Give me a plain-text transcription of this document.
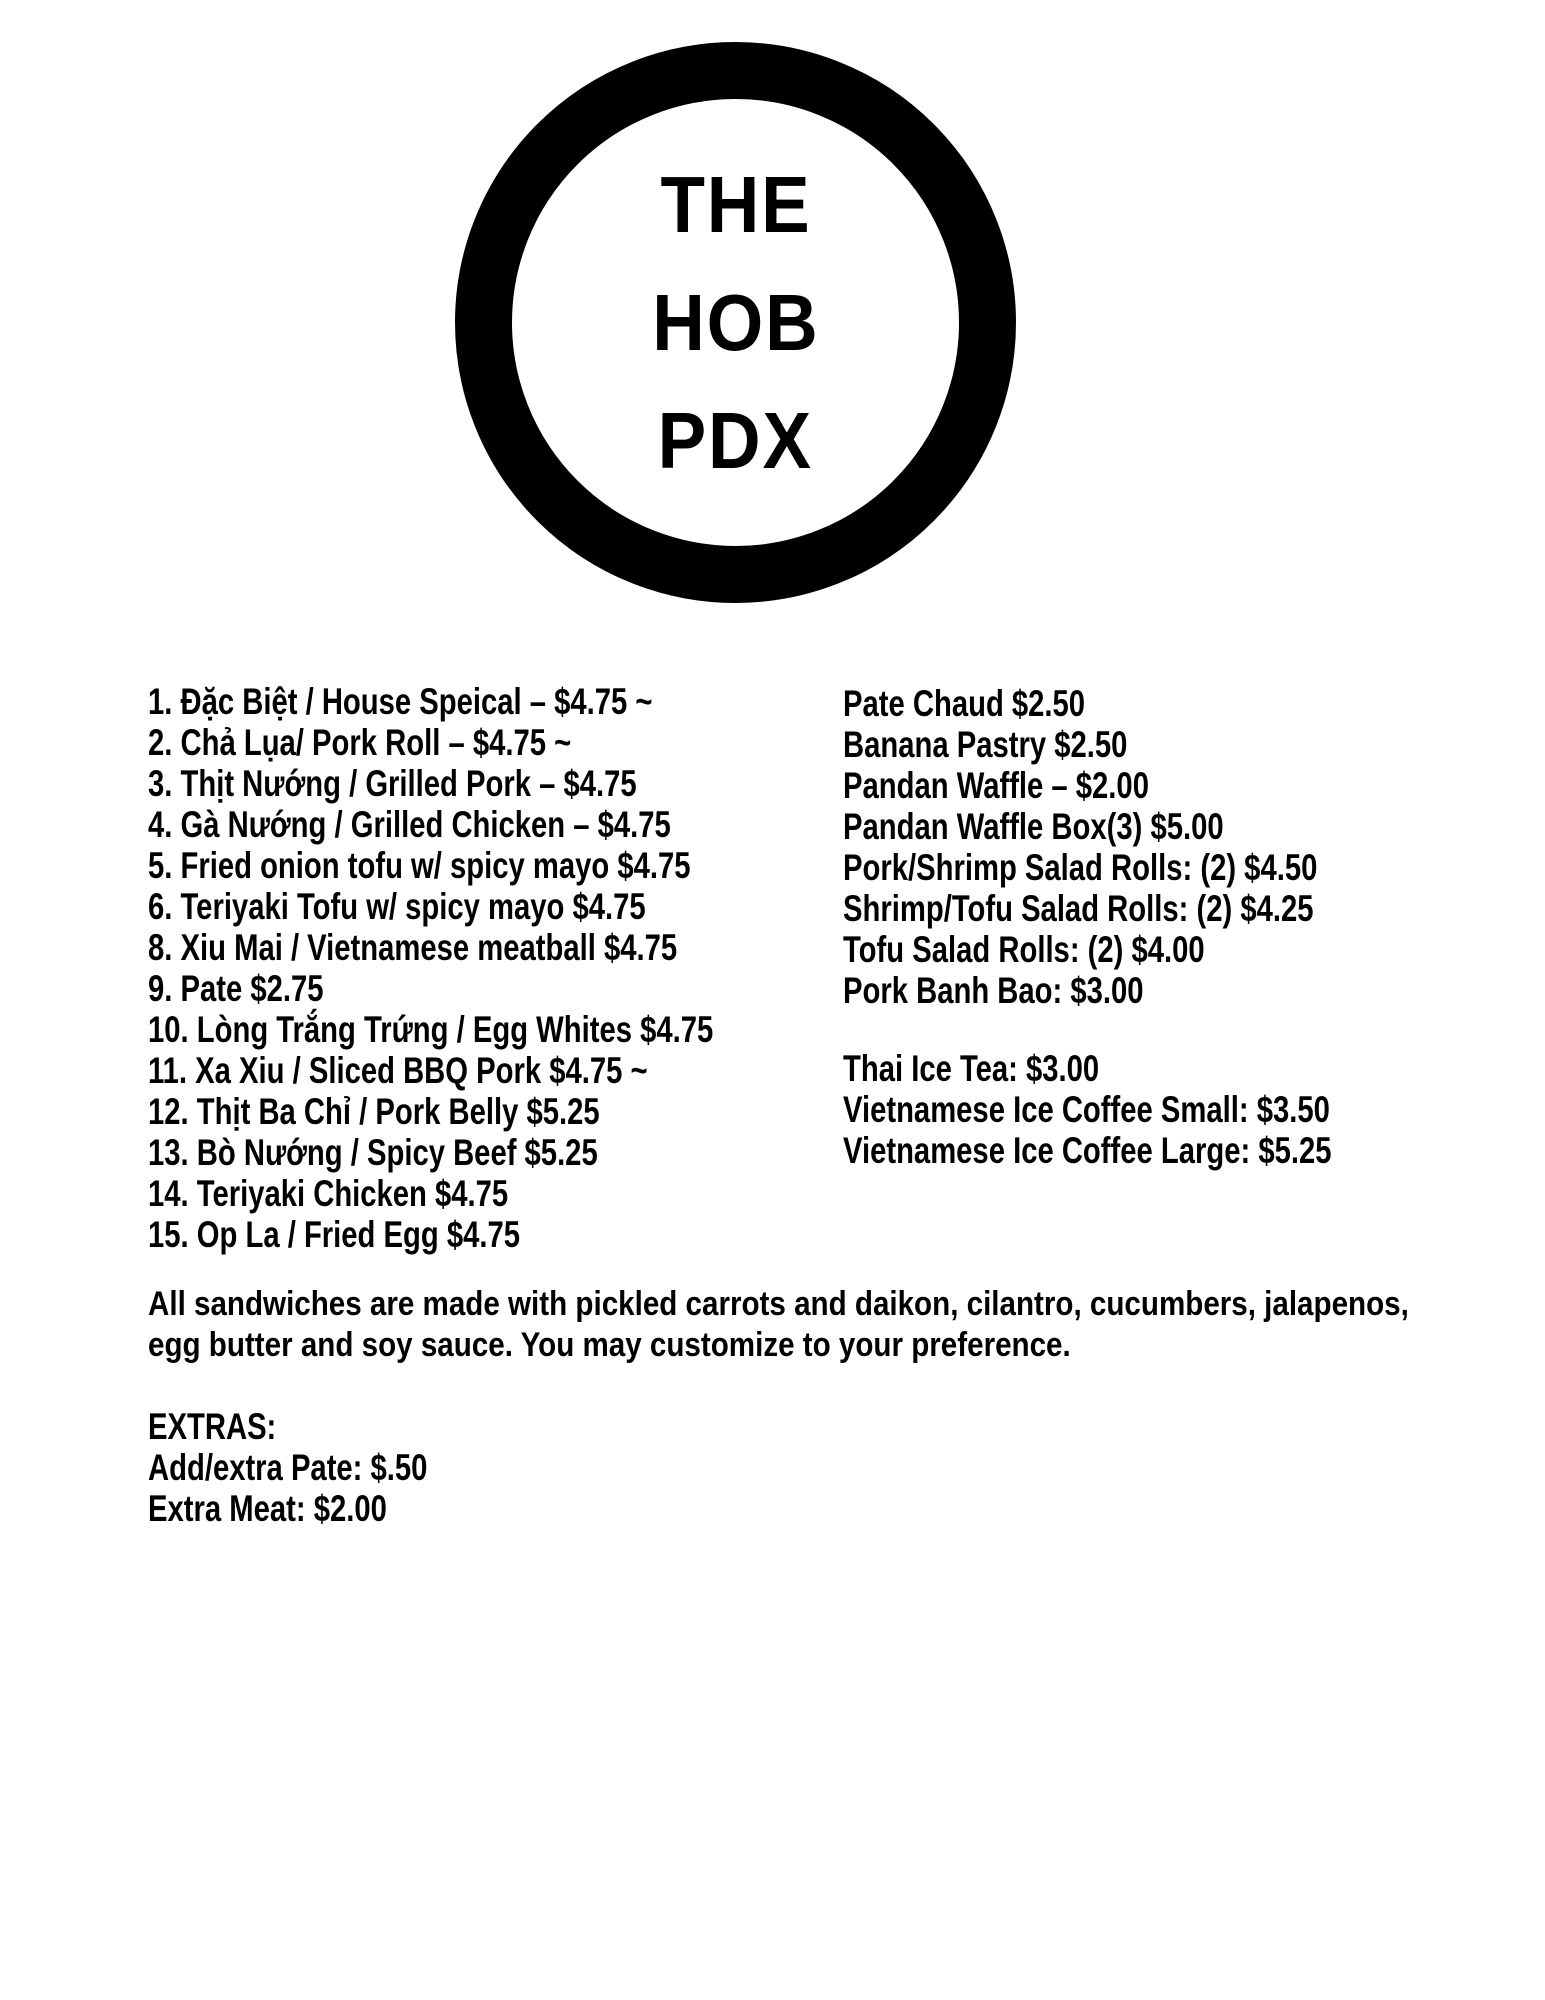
THE
HOB
PDX
1. Đặc Biệt / House Speical – $4.75 ~
2. Chả Lụa/ Pork Roll – $4.75 ~
3. Thịt Nướng / Grilled Pork – $4.75
4. Gà Nướng / Grilled Chicken – $4.75
5. Fried onion tofu w/ spicy mayo $4.75
6. Teriyaki Tofu w/ spicy mayo $4.75
8. Xiu Mai / Vietnamese meatball $4.75
9. Pate $2.75
10. Lòng Trắng Trứng / Egg Whites $4.75
11. Xa Xiu / Sliced BBQ Pork $4.75 ~
12. Thịt Ba Chỉ / Pork Belly $5.25
13. Bò Nướng / Spicy Beef $5.25
14. Teriyaki Chicken $4.75
15. Op La / Fried Egg $4.75
Pate Chaud $2.50
Banana Pastry $2.50
Pandan Waffle – $2.00
Pandan Waffle Box(3) $5.00
Pork/Shrimp Salad Rolls: (2) $4.50
Shrimp/Tofu Salad Rolls: (2) $4.25
Tofu Salad Rolls: (2) $4.00
Pork Banh Bao: $3.00
Thai Ice Tea: $3.00
Vietnamese Ice Coffee Small: $3.50
Vietnamese Ice Coffee Large: $5.25
All sandwiches are made with pickled carrots and daikon, cilantro, cucumbers, jalapenos,
egg butter and soy sauce. You may customize to your preference.
EXTRAS:
Add/extra Pate: $.50
Extra Meat: $2.00
